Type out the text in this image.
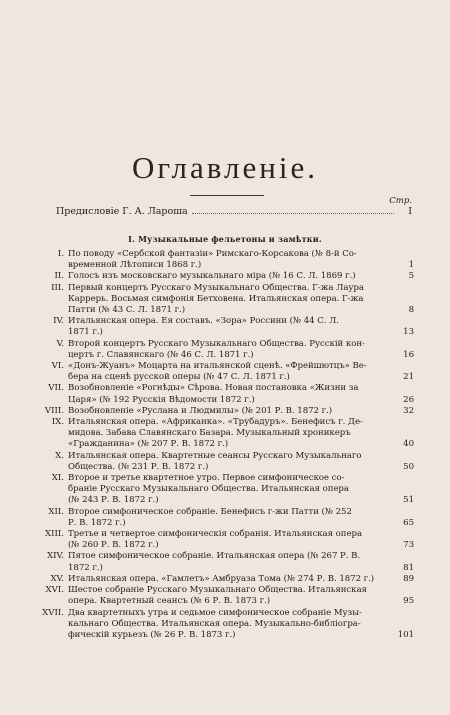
Оглавленіе.
Стр.
Предисловіе Г. А. Лароша	I
I. Музыкальные фельетоны и замѣтки.
I. По поводу «Сербской фантазіи» Римскаго-Корсакова (№ 8-й Со-
временной Лѣтописи 1868 г.)	1
II. Голосъ изъ московскаго музыкальнаго міра (№ 16 С. Л. 1869 г.)	5
III. Первый концертъ Русскаго Музыкальнаго Общества. Г-жа Лаура
Каррерь. Восьмая симфонія Бетховена. Итальянская опера. Г-жа
Патти (№ 43 С. Л. 1871 г.)	8
IV. Итальянская опера. Ея составъ. «Зора» Россини (№ 44 С. Л.
1871 г.)	13
V. Второй концертъ Русскаго Музыкальнаго Общества. Русскій кон-
цертъ г. Славянскаго (№ 46 С. Л. 1871 г.)	16
VI. «Донъ-Жуанъ» Моцарта на итальянской сценѣ. «Фрейшютцъ» Ве-
бера на сценѣ русской оперы (№ 47 С. Л. 1871 г.)	21
VII. Возобновленіе «Рогнѣды» Сѣрова. Новая постановка «Жизни за
Царя» (№ 192 Русскія Вѣдомости 1872 г.)	26
VIII. Возобновленіе «Руслана и Людмилы» (№ 201 Р. В. 1872 г.)	32
IX. Итальянская опера. «Африканка». «Трубадуръ». Бенефисъ г. Де-
мидова. Забава Славянскаго Базара. Музыкальный хроникеръ
«Гражданина» (№ 207 Р. В. 1872 г.)	40
X. Итальянская опера. Квартетные сеансы Русскаго Музыкальнаго
Общества. (№ 231 Р. В. 1872 г.)	50
XI. Второе и третье квартетное утро. Первое симфоническое со-
браніе Русскаго Музыкальнаго Общества. Итальянская опера
(№ 243 Р. В. 1872 г.)	51
XII. Второе симфоническое собраніе. Бенефисъ г-жи Патти (№ 252
Р. В. 1872 г.)	65
XIII. Третье и четвертое симфоническія собранія. Итальянская опера
(№ 260 Р. В. 1872 г.)	73
XIV. Пятое симфоническое собраніе. Итальянская опера (№ 267 Р. В.
1872 г.)	81
XV. Итальянская опера. «Гамлетъ» Амбруаза Тома (№ 274 Р. В. 1872 г.)	89
XVI. Шестое собраніе Русскаго Музыкальнаго Общества. Итальянская
опера. Квартетный сеансъ (№ 6 Р. В. 1873 г.)	95
XVII. Два квартетныхъ утра и седьмое симфоническое собраніе Музы-
кальнаго Общества. Итальянская опера. Музыкально-библіогра-
фическій курьезъ (№ 26 Р. В. 1873 г.)	101
